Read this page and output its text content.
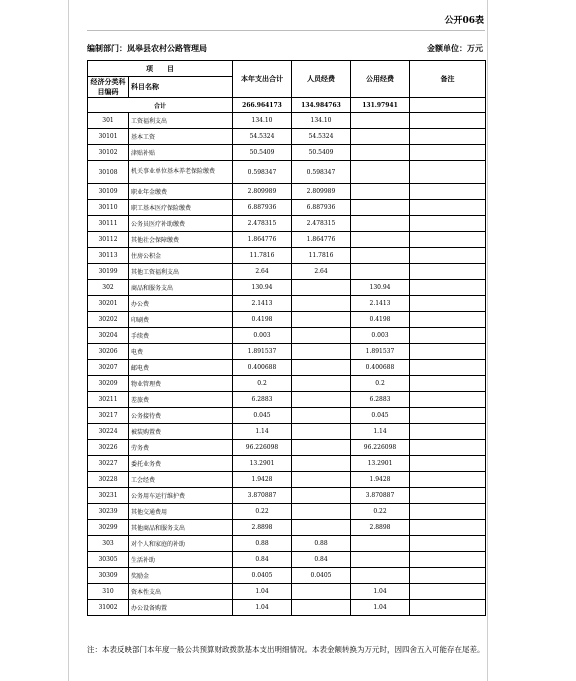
公开06表
编制部门：岚皋县农村公路管理局	金额单位：万元
项　　目		本年支出合计	人员经费	公用经费	备注
经济分类科目编码	科目名称				

合计		266.964173	134.984763	131.97941	
301	工资福利支出	134.10	134.10		
30101	基本工资	54.5324	54.5324		
30102	津贴补贴	50.5409	50.5409		
30108	机关事业单位基本养老保险缴费	0.598347	0.598347		
30109	职业年金缴费	2.809989	2.809989		
30110	职工基本医疗保险缴费	6.887936	6.887936		
30111	公务员医疗补助缴费	2.478315	2.478315		
30112	其他社会保障缴费	1.864776	1.864776		
30113	住房公积金	11.7816	11.7816		
30199	其他工资福利支出	2.64	2.64		
302	商品和服务支出	130.94		130.94	
30201	办公费	2.1413		2.1413	
30202	印刷费	0.4198		0.4198	
30204	手续费	0.003		0.003	
30206	电费	1.891537		1.891537	
30207	邮电费	0.400688		0.400688	
30209	物业管理费	0.2		0.2	
30211	差旅费	6.2883		6.2883	
30217	公务接待费	0.045		0.045	
30224	被装购置费	1.14		1.14	
30226	劳务费	96.226098		96.226098	
30227	委托业务费	13.2901		13.2901	
30228	工会经费	1.9428		1.9428	
30231	公务用车运行维护费	3.870887		3.870887	
30239	其他交通费用	0.22		0.22	
30299	其他商品和服务支出	2.8898		2.8898	
303	对个人和家庭的补助	0.88	0.88		
30305	生活补助	0.84	0.84		
30309	奖励金	0.0405	0.0405		
310	资本性支出	1.04		1.04	
31002	办公设备购置	1.04		1.04	
注：本表反映部门本年度一般公共预算财政拨款基本支出明细情况。本表金额转换为万元时，因四舍五入可能存在尾差。
